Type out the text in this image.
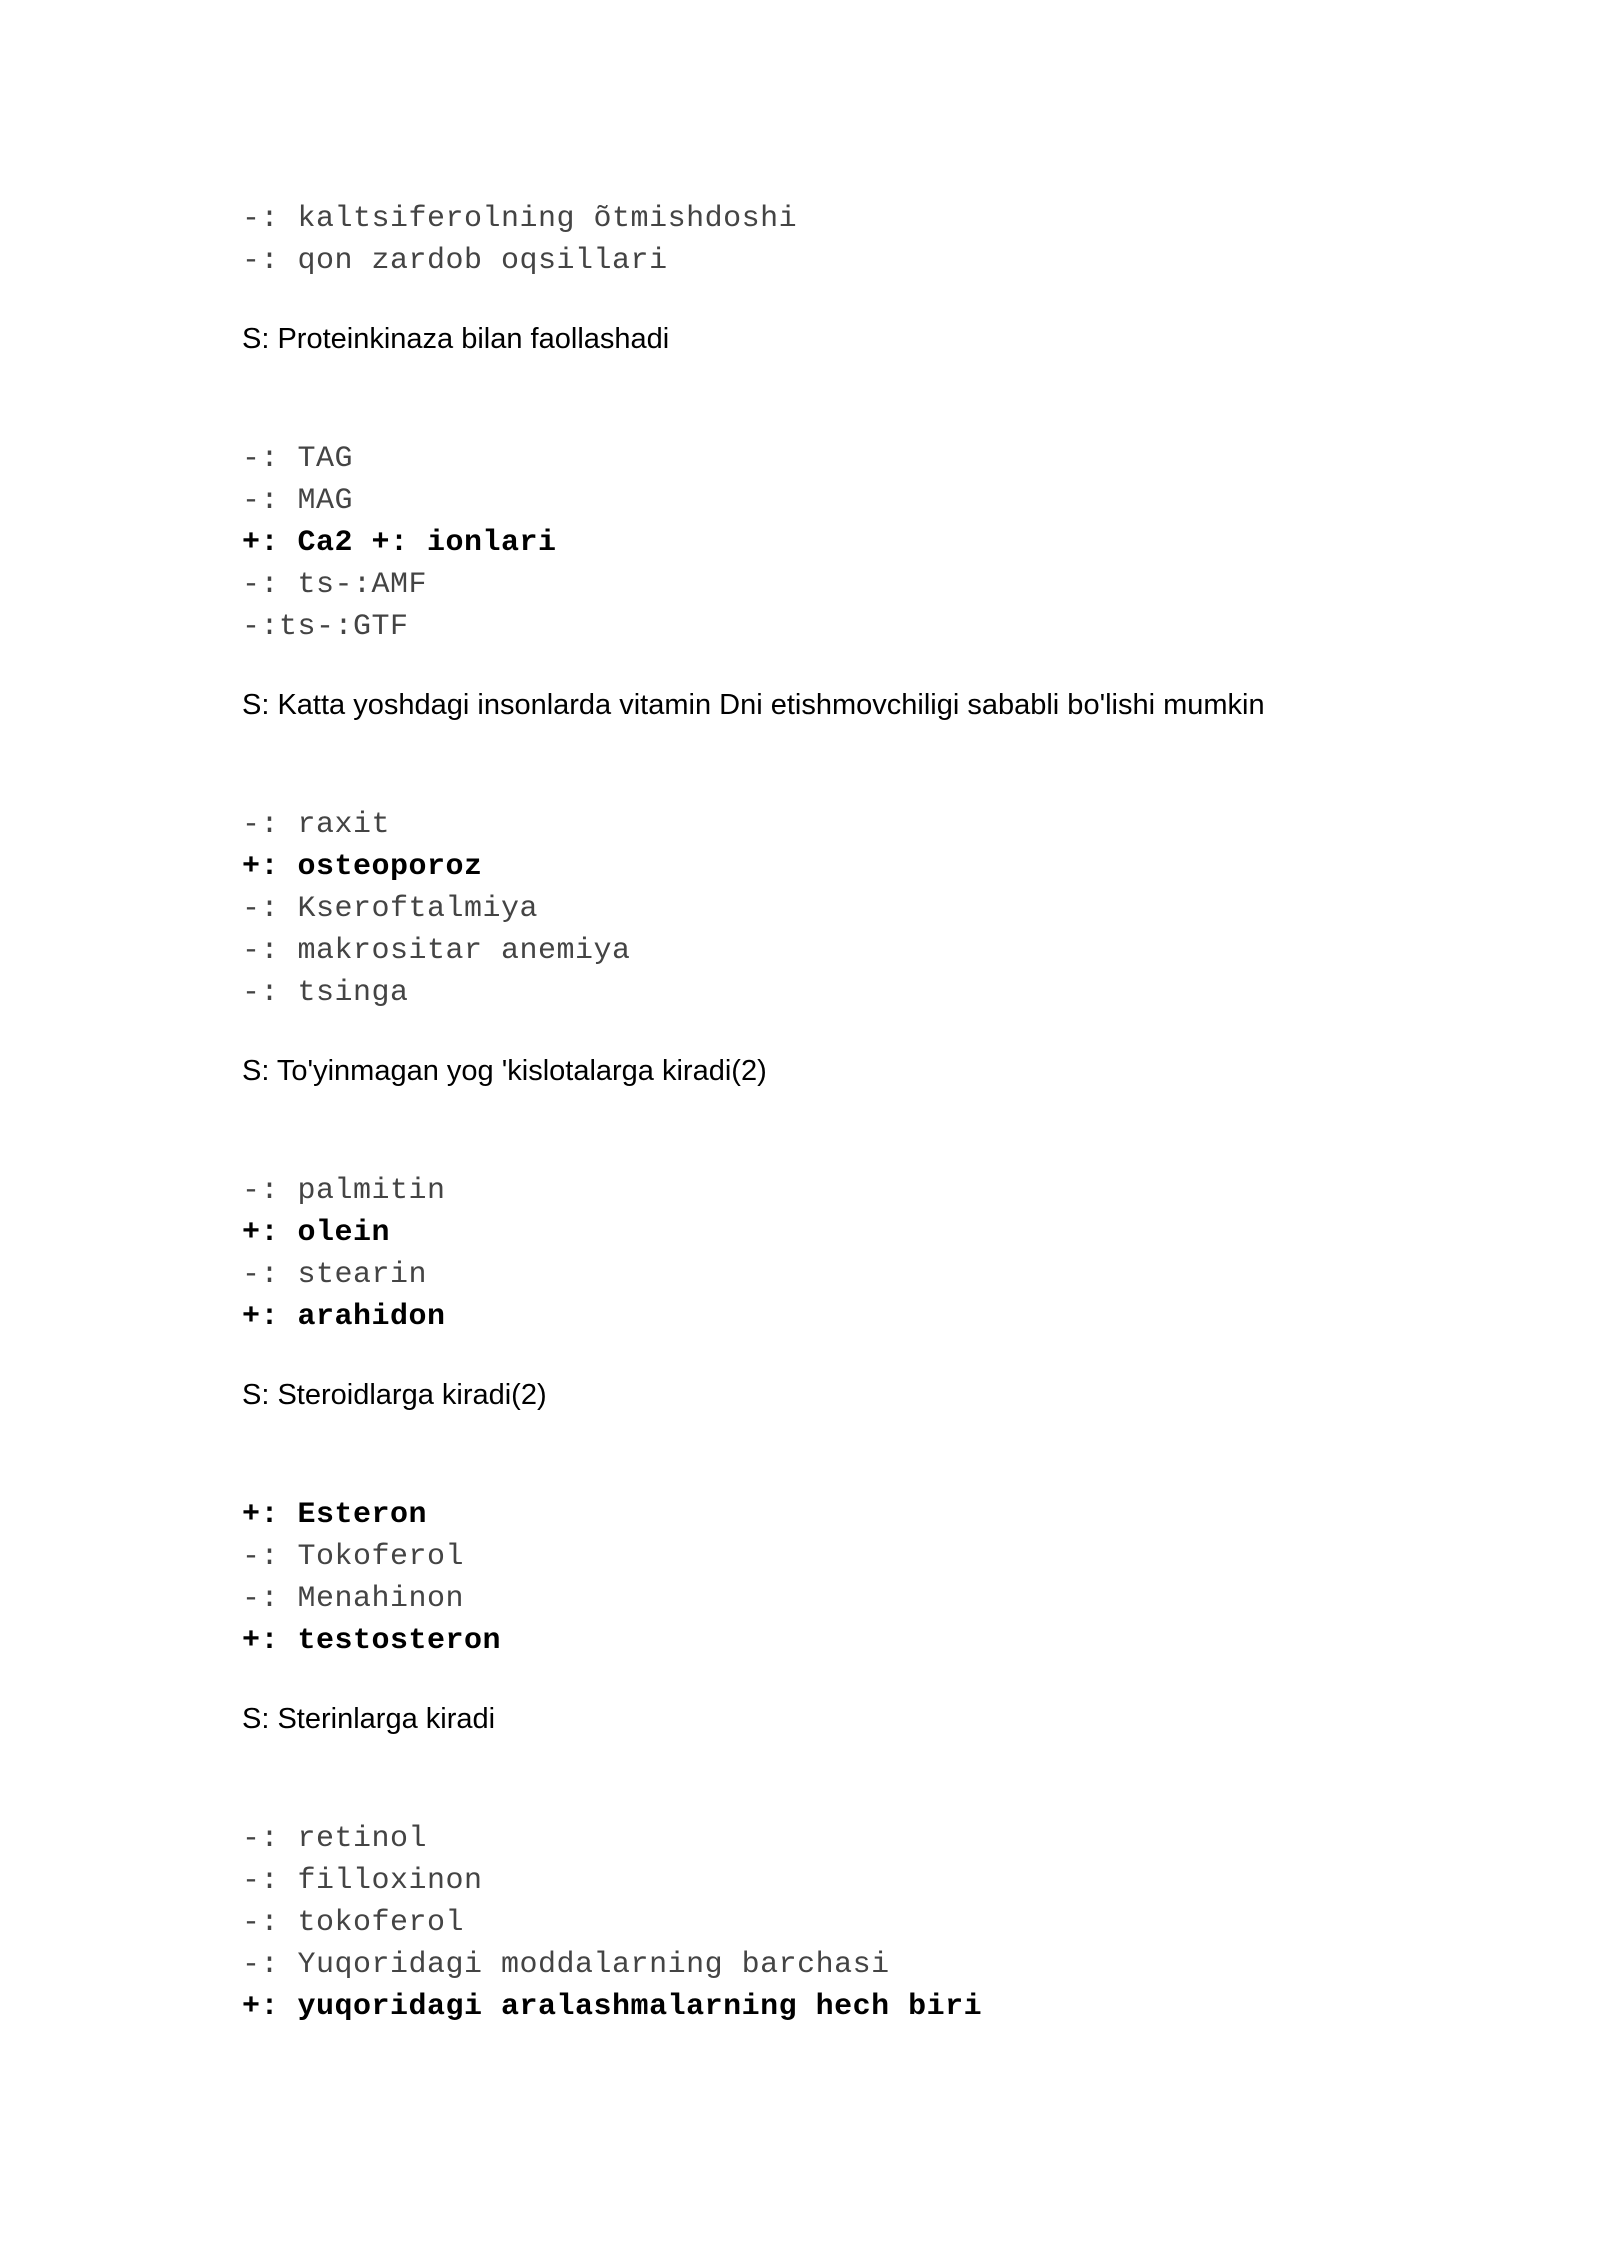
-: kaltsiferolning õtmishdoshi
-: qon zardob oqsillari
S: Proteinkinaza bilan faollashadi
-: TAG
-: MAG
+: Ca2 +: ionlari
-: ts-:AMF
-:ts-:GTF
S: Katta yoshdagi insonlarda vitamin Dni etishmovchiligi sababli bo'lishi mumkin
-: raxit
+: osteoporoz
-: Kseroftalmiya
-: makrositar anemiya
-: tsinga
S: To'yinmagan yog 'kislotalarga kiradi(2)
-: palmitin
+: olein
-: stearin
+: arahidon
S: Steroidlarga kiradi(2)
+: Esteron
-: Tokoferol
-: Menahinon
+: testosteron
S: Sterinlarga kiradi
-: retinol
-: filloxinon
-: tokoferol
-: Yuqoridagi moddalarning barchasi
+: yuqoridagi aralashmalarning hech biri
